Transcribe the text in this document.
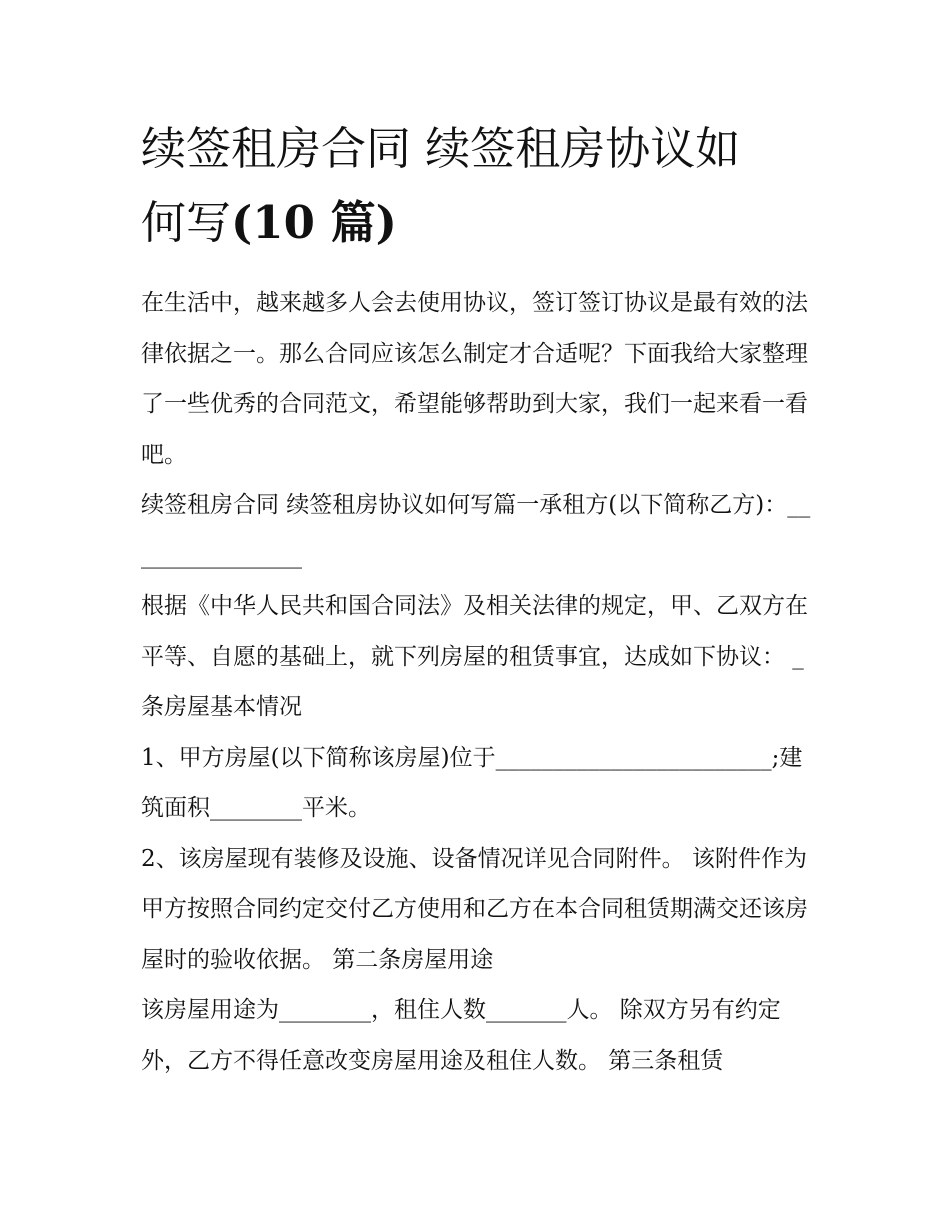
续签租房合同 续签租房协议如
何写(10 篇)

在生活中，越来越多人会去使用协议，签订签订协议是最有效的法律依据之一。那么合同应该怎么制定才合适呢？下面我给大家整理了一些优秀的合同范文，希望能够帮助到大家，我们一起来看一看吧。

续签租房合同 续签租房协议如何写篇一承租方(以下简称乙方)：________________

根据《中华人民共和国合同法》及相关法律的规定，甲、乙双方在平等、自愿的基础上，就下列房屋的租赁事宜，达成如下协议： _条房屋基本情况

1、甲方房屋(以下简称该房屋)位于________________________;建筑面积________平米。

2、该房屋现有装修及设施、设备情况详见合同附件。 该附件作为甲方按照合同约定交付乙方使用和乙方在本合同租赁期满交还该房屋时的验收依据。 第二条房屋用途

该房屋用途为________，租住人数_______人。 除双方另有约定外，乙方不得任意改变房屋用途及租住人数。 第三条租赁
